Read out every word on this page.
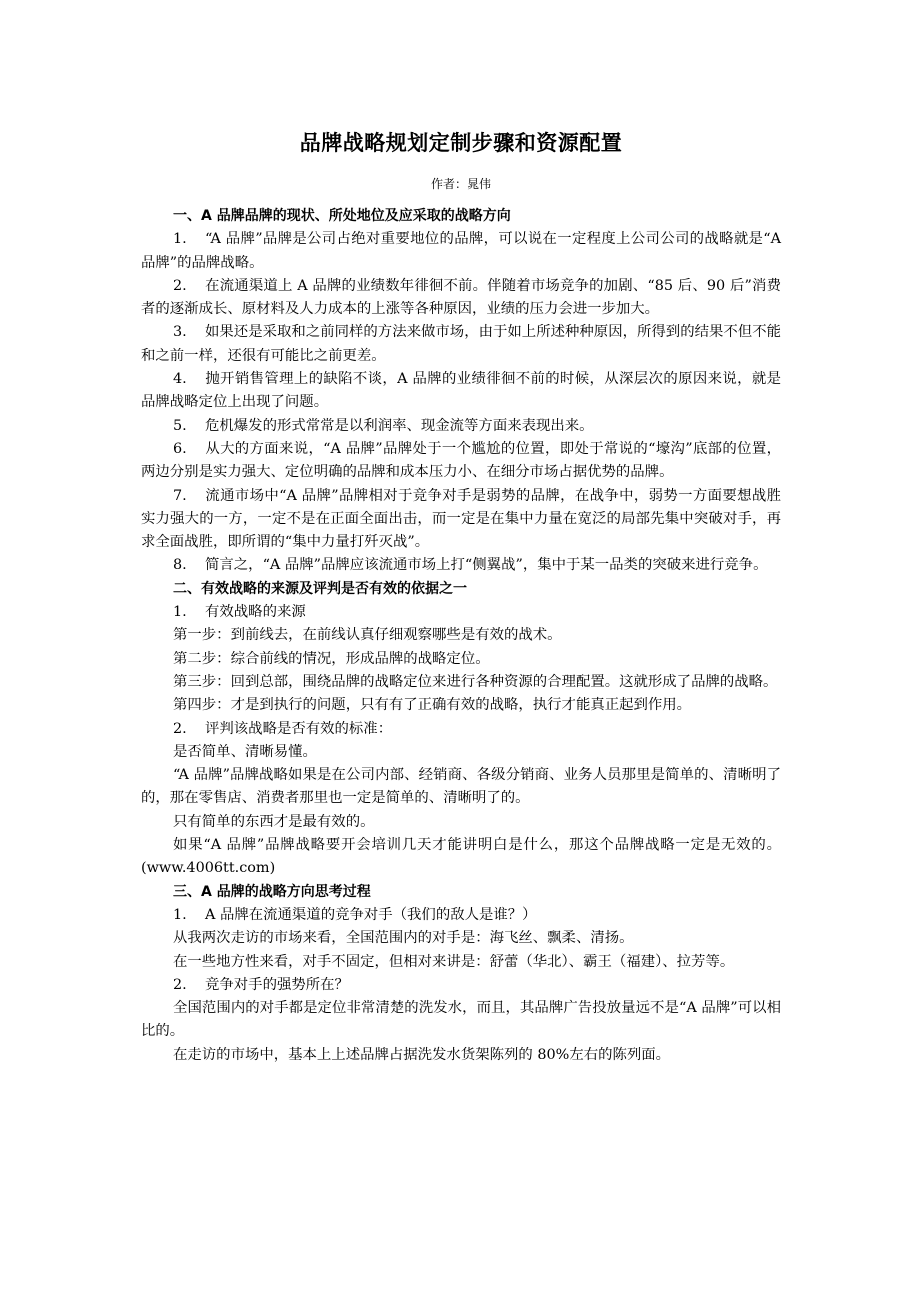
品牌战略规划定制步骤和资源配置
作者：晁伟

一、A 品牌品牌的现状、所处地位及应采取的战略方向

1. “A 品牌”品牌是公司占绝对重要地位的品牌，可以说在一定程度上公司公司的战略就是“A 品牌”的品牌战略。

2. 在流通渠道上 A 品牌的业绩数年徘徊不前。伴随着市场竞争的加剧、“85 后、90 后”消费者的逐渐成长、原材料及人力成本的上涨等各种原因，业绩的压力会进一步加大。

3. 如果还是采取和之前同样的方法来做市场，由于如上所述种种原因，所得到的结果不但不能和之前一样，还很有可能比之前更差。

4. 抛开销售管理上的缺陷不谈，A 品牌的业绩徘徊不前的时候，从深层次的原因来说，就是品牌战略定位上出现了问题。

5. 危机爆发的形式常常是以利润率、现金流等方面来表现出来。

6. 从大的方面来说，“A 品牌”品牌处于一个尴尬的位置，即处于常说的“壕沟”底部的位置，两边分别是实力强大、定位明确的品牌和成本压力小、在细分市场占据优势的品牌。

7. 流通市场中“A 品牌”品牌相对于竞争对手是弱势的品牌，在战争中，弱势一方面要想战胜实力强大的一方，一定不是在正面全面出击，而一定是在集中力量在宽泛的局部先集中突破对手，再求全面战胜，即所谓的“集中力量打歼灭战”。

8. 简言之，“A 品牌”品牌应该流通市场上打“侧翼战”，集中于某一品类的突破来进行竞争。

二、有效战略的来源及评判是否有效的依据之一

1. 有效战略的来源

第一步：到前线去，在前线认真仔细观察哪些是有效的战术。

第二步：综合前线的情况，形成品牌的战略定位。

第三步：回到总部，围绕品牌的战略定位来进行各种资源的合理配置。这就形成了品牌的战略。

第四步：才是到执行的问题，只有有了正确有效的战略，执行才能真正起到作用。

2. 评判该战略是否有效的标准：

是否简单、清晰易懂。

“A 品牌”品牌战略如果是在公司内部、经销商、各级分销商、业务人员那里是简单的、清晰明了的，那在零售店、消费者那里也一定是简单的、清晰明了的。

只有简单的东西才是最有效的。

如果“A 品牌”品牌战略要开会培训几天才能讲明白是什么，那这个品牌战略一定是无效的。(www.4006tt.com)

三、A 品牌的战略方向思考过程

1. A 品牌在流通渠道的竞争对手（我们的敌人是谁？）

从我两次走访的市场来看，全国范围内的对手是：海飞丝、飘柔、清扬。

在一些地方性来看，对手不固定，但相对来讲是：舒蕾（华北）、霸王（福建）、拉芳等。

2. 竞争对手的强势所在？

全国范围内的对手都是定位非常清楚的洗发水，而且，其品牌广告投放量远不是“A 品牌”可以相比的。

在走访的市场中，基本上上述品牌占据洗发水货架陈列的 80%左右的陈列面。
